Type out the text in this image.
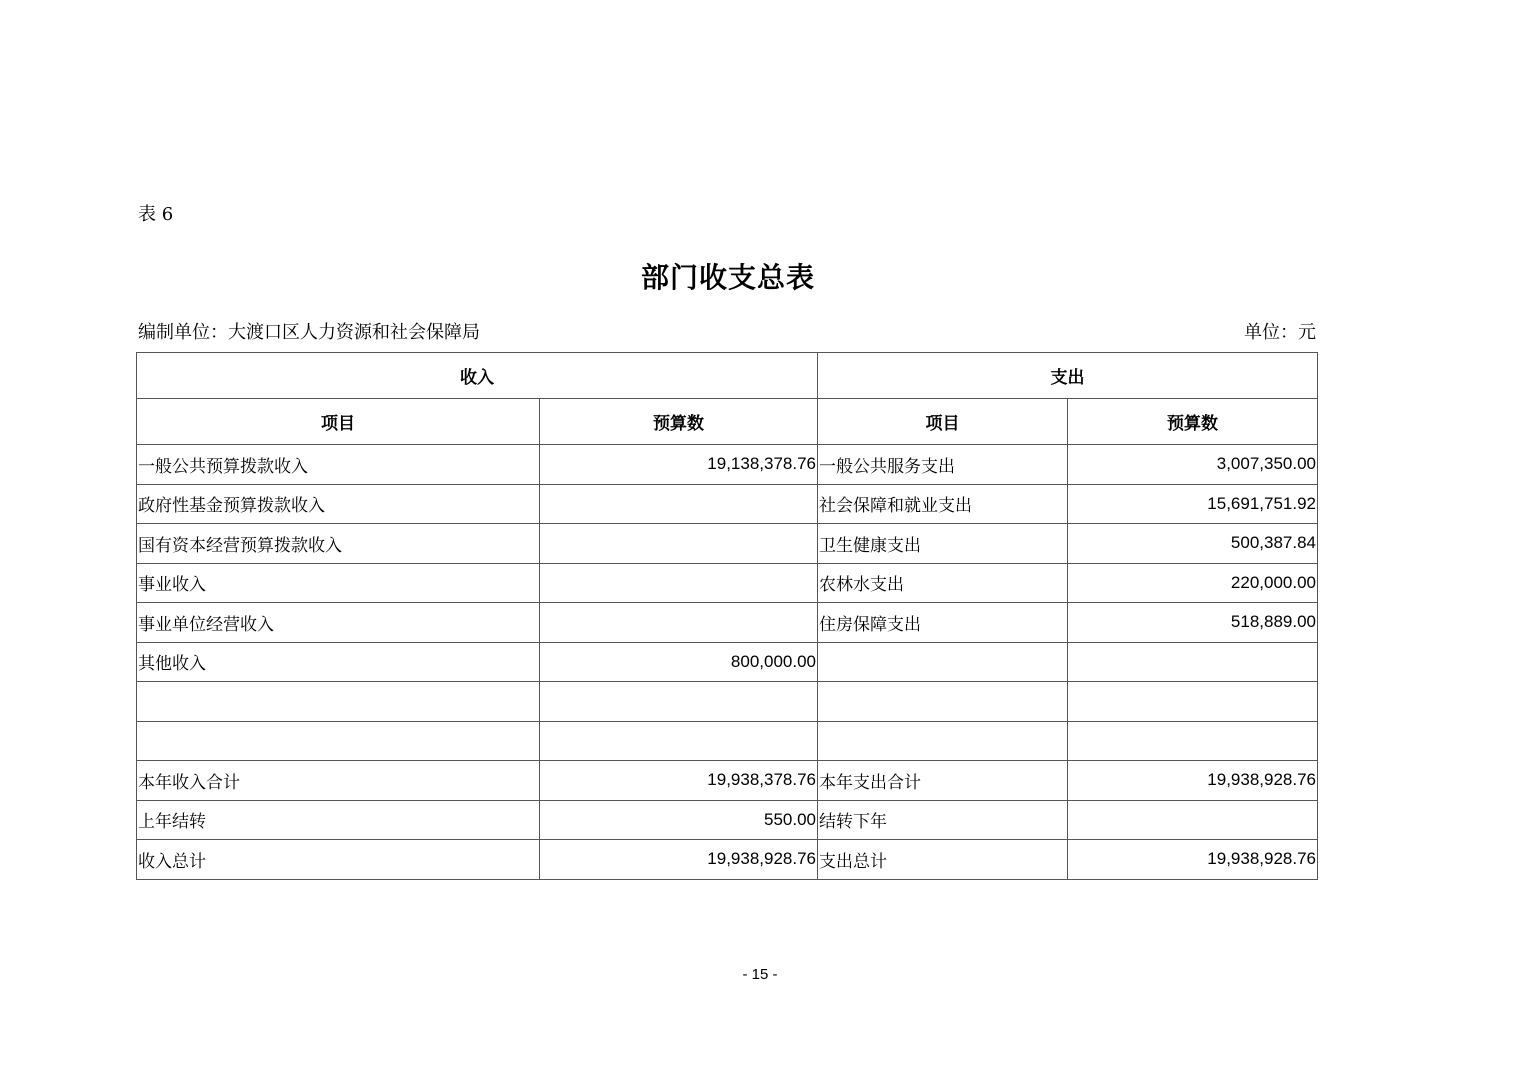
表 6
部门收支总表
编制单位：大渡口区人力资源和社会保障局	单位：元
收入		支出	
项目	预算数	项目	预算数
一般公共预算拨款收入	19,138,378.76	一般公共服务支出	3,007,350.00
政府性基金预算拨款收入		社会保障和就业支出	15,691,751.92
国有资本经营预算拨款收入		卫生健康支出	500,387.84
事业收入		农林水支出	220,000.00
事业单位经营收入		住房保障支出	518,889.00
其他收入	800,000.00		

本年收入合计	19,938,378.76	本年支出合计	19,938,928.76
上年结转	550.00	结转下年	
收入总计	19,938,928.76	支出总计	19,938,928.76
- 15 -
